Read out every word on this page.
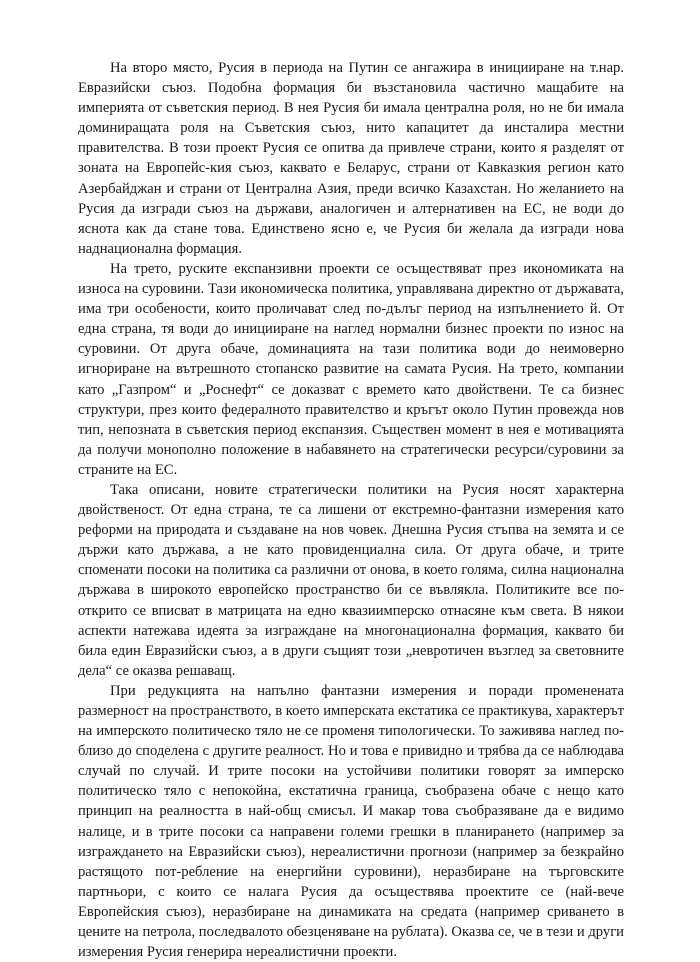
На второ място, Русия в периода на Путин се ангажира в иницииране на т.нар. Евразийски съюз. Подобна формация би възстановила частично мащабите на империята от съветския период. В нея Русия би имала централна роля, но не би имала доминиращата роля на Съветския съюз, нито капацитет да инсталира местни правителства. В този проект Русия се опитва да привлече страни, които я разделят от зоната на Европейс-кия съюз, каквато е Беларус, страни от Кавказкия регион като Азербайджан и страни от Централна Азия, преди всичко Казахстан. Но желанието на Русия да изгради съюз на държави, аналогичен и алтернативен на ЕС, не води до яснота как да стане това. Единствено ясно е, че Русия би желала да изгради нова наднационална формация.

На трето, руските експанзивни проекти се осъществяват през икономиката на износа на суровини. Тази икономическа политика, управлявана директно от държавата, има три особености, които проличават след по-дълъг период на изпълнението й. От една страна, тя води до иницииране на наглед нормални бизнес проекти по износ на суровини. От друга обаче, доминацията на тази политика води до неимоверно игнориране на вътрешното стопанско развитие на самата Русия. На трето, компании като „Газпром“ и „Роснефт“ се доказват с времето като двойствени. Те са бизнес структури, през които федералното правителство и кръгът около Путин провежда нов тип, непозната в съветския период експанзия. Съществен момент в нея е мотивацията да получи монополно положение в набавянето на стратегически ресурси/суровини за страните на ЕС.

Така описани, новите стратегически политики на Русия носят характерна двойственост. От една страна, те са лишени от екстремно-фантазни измерения като реформи на природата и създаване на нов човек. Днешна Русия стъпва на земята и се държи като държава, а не като провиденциална сила. От друга обаче, и трите споменати посоки на политика са различни от онова, в което голяма, силна национална държава в широкото европейско пространство би се въвлякла. Политиките все по-открито се вписват в матрицата на едно квазиимперско отнасяне към света. В някои аспекти натежава идеята за изграждане на многонационална формация, каквато би била един Евразийски съюз, а в други същият този „невротичен възглед за световните дела“ се оказва решаващ.

При редукцията на напълно фантазни измерения и поради променената размерност на пространството, в което имперската екстатика се практикува, характерът на имперското политическо тяло не се променя типологически. То заживява наглед по-близо до споделена с другите реалност. Но и това е привидно и трябва да се наблюдава случай по случай. И трите посоки на устойчиви политики говорят за имперско политическо тяло с непокойна, екстатична граница, съобразена обаче с нещо като принцип на реалността в най-общ смисъл. И макар това съобразяване да е видимо налице, и в трите посоки са направени големи грешки в планирането (например за изграждането на Евразийски съюз), нереалистични прогнози (например за безкрайно растящото пот-ребление на енергийни суровини), неразбиране на търговските партньори, с които се налага Русия да осъществява проектите се (най-вече Европейския съюз), неразбиране на динамиката на средата (например сриването в цените на петрола, последвалото обезценяване на рублата). Оказва се, че в тези и други измерения Русия генерира нереалистични проекти.
